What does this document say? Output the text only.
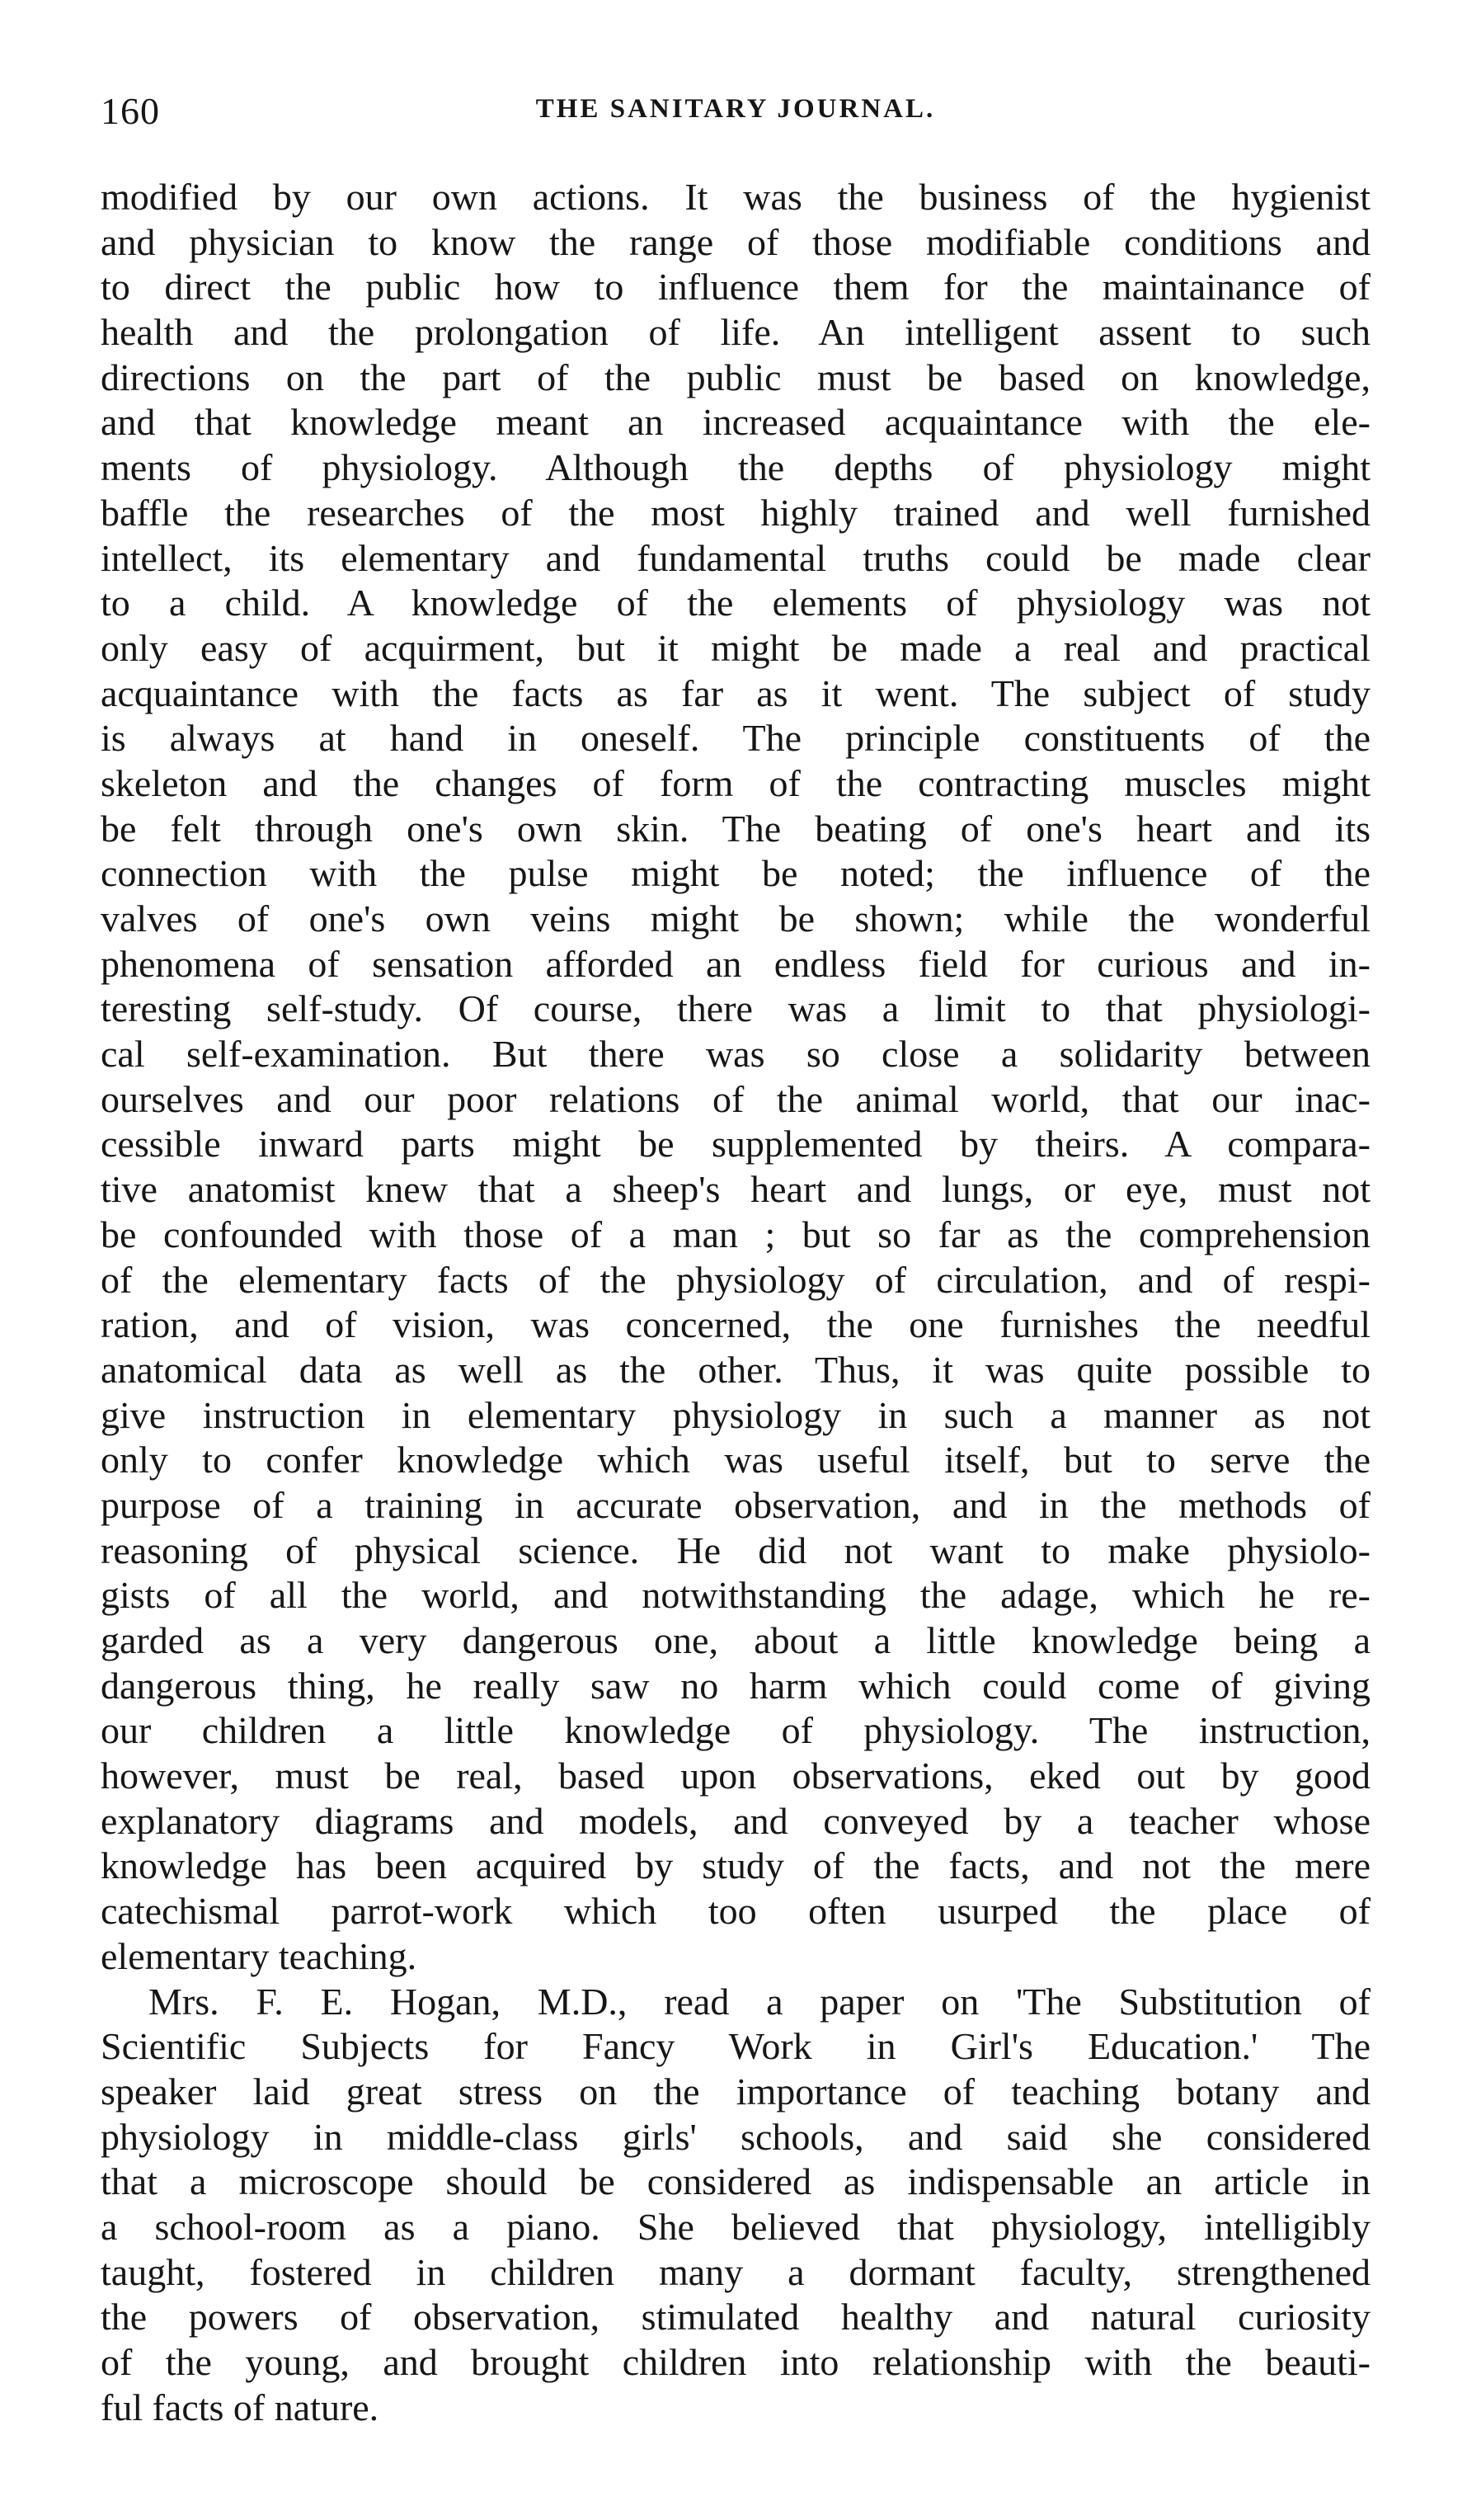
160	THE SANITARY JOURNAL.
modified by our own actions. It was the business of the hygienist
and physician to know the range of those modifiable conditions and
to direct the public how to influence them for the maintainance of
health and the prolongation of life. An intelligent assent to such
directions on the part of the public must be based on knowledge,
and that knowledge meant an increased acquaintance with the ele-
ments of physiology. Although the depths of physiology might
baffle the researches of the most highly trained and well furnished
intellect, its elementary and fundamental truths could be made clear
to a child. A knowledge of the elements of physiology was not
only easy of acquirment, but it might be made a real and practical
acquaintance with the facts as far as it went. The subject of study
is always at hand in oneself. The principle constituents of the
skeleton and the changes of form of the contracting muscles might
be felt through one's own skin. The beating of one's heart and its
connection with the pulse might be noted; the influence of the
valves of one's own veins might be shown; while the wonderful
phenomena of sensation afforded an endless field for curious and in-
teresting self-study. Of course, there was a limit to that physiologi-
cal self-examination. But there was so close a solidarity between
ourselves and our poor relations of the animal world, that our inac-
cessible inward parts might be supplemented by theirs. A compara-
tive anatomist knew that a sheep's heart and lungs, or eye, must not
be confounded with those of a man ; but so far as the comprehension
of the elementary facts of the physiology of circulation, and of respi-
ration, and of vision, was concerned, the one furnishes the needful
anatomical data as well as the other. Thus, it was quite possible to
give instruction in elementary physiology in such a manner as not
only to confer knowledge which was useful itself, but to serve the
purpose of a training in accurate observation, and in the methods of
reasoning of physical science. He did not want to make physiolo-
gists of all the world, and notwithstanding the adage, which he re-
garded as a very dangerous one, about a little knowledge being a
dangerous thing, he really saw no harm which could come of giving
our children a little knowledge of physiology. The instruction,
however, must be real, based upon observations, eked out by good
explanatory diagrams and models, and conveyed by a teacher whose
knowledge has been acquired by study of the facts, and not the mere
catechismal parrot-work which too often usurped the place of
elementary teaching.
Mrs. F. E. Hogan, M.D., read a paper on 'The Substitution of
Scientific Subjects for Fancy Work in Girl's Education.' The
speaker laid great stress on the importance of teaching botany and
physiology in middle-class girls' schools, and said she considered
that a microscope should be considered as indispensable an article in
a school-room as a piano. She believed that physiology, intelligibly
taught, fostered in children many a dormant faculty, strengthened
the powers of observation, stimulated healthy and natural curiosity
of the young, and brought children into relationship with the beauti-
ful facts of nature.
